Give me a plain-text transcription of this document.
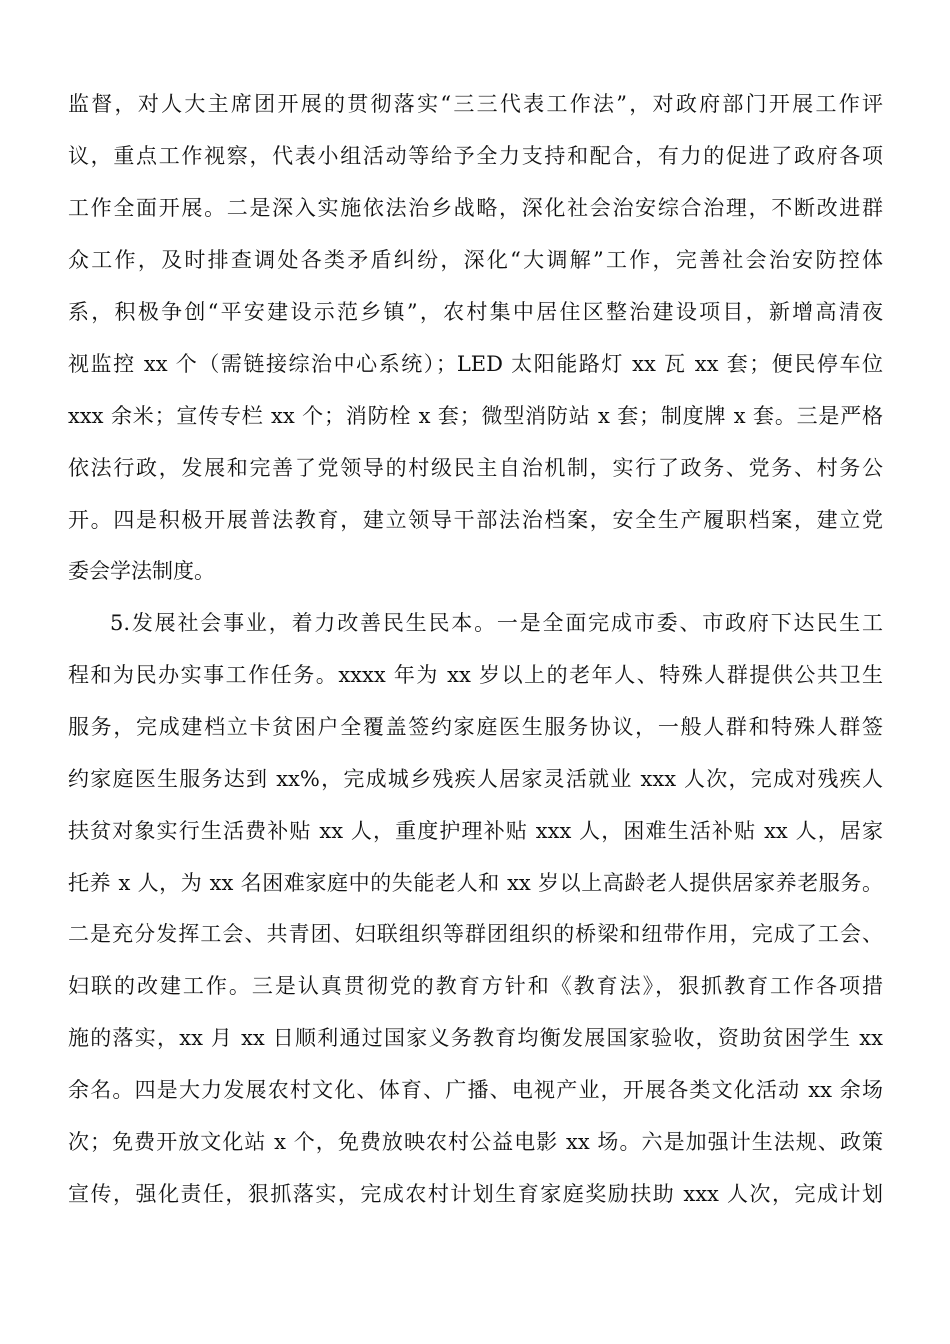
监督，对人大主席团开展的贯彻落实“三三代表工作法”，对政府部门开展工作评
议，重点工作视察，代表小组活动等给予全力支持和配合，有力的促进了政府各项
工作全面开展。二是深入实施依法治乡战略，深化社会治安综合治理，不断改进群
众工作，及时排查调处各类矛盾纠纷，深化“大调解”工作，完善社会治安防控体
系，积极争创“平安建设示范乡镇”，农村集中居住区整治建设项目，新增高清夜
视监控 xx 个（需链接综治中心系统）；LED 太阳能路灯 xx 瓦 xx 套；便民停车位
xxx 余米；宣传专栏 xx 个；消防栓 x 套；微型消防站 x 套；制度牌 x 套。三是严格
依法行政，发展和完善了党领导的村级民主自治机制，实行了政务、党务、村务公
开。四是积极开展普法教育，建立领导干部法治档案，安全生产履职档案，建立党
委会学法制度。
5.发展社会事业，着力改善民生民本。一是全面完成市委、市政府下达民生工
程和为民办实事工作任务。xxxx 年为 xx 岁以上的老年人、特殊人群提供公共卫生
服务，完成建档立卡贫困户全覆盖签约家庭医生服务协议，一般人群和特殊人群签
约家庭医生服务达到 xx%，完成城乡残疾人居家灵活就业 xxx 人次，完成对残疾人
扶贫对象实行生活费补贴 xx 人，重度护理补贴 xxx 人，困难生活补贴 xx 人，居家
托养 x 人，为 xx 名困难家庭中的失能老人和 xx 岁以上高龄老人提供居家养老服务。
二是充分发挥工会、共青团、妇联组织等群团组织的桥梁和纽带作用，完成了工会、
妇联的改建工作。三是认真贯彻党的教育方针和《教育法》，狠抓教育工作各项措
施的落实，xx 月 xx 日顺利通过国家义务教育均衡发展国家验收，资助贫困学生 xx
余名。四是大力发展农村文化、体育、广播、电视产业，开展各类文化活动 xx 余场
次；免费开放文化站 x 个，免费放映农村公益电影 xx 场。六是加强计生法规、政策
宣传，强化责任，狠抓落实，完成农村计划生育家庭奖励扶助 xxx 人次，完成计划
